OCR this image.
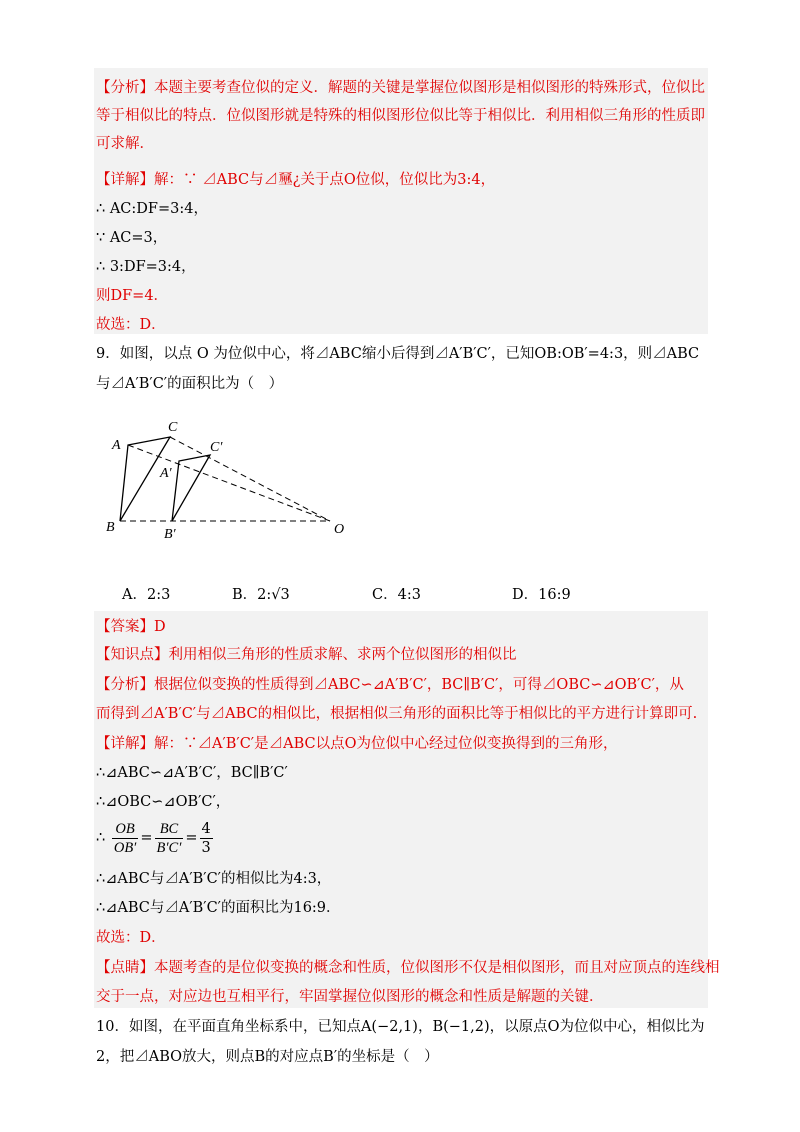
【分析】本题主要考查位似的定义．解题的关键是掌握位似图形是相似图形的特殊形式，位似比等于相似比的特点．位似图形就是特殊的相似图形位似比等于相似比．利用相似三角形的性质即可求解．
【详解】解：∵ ⊿ABC与⊿𡔈¿关于点O位似，位似比为3:4，
∴ AC:DF=3:4，
∵ AC=3，
∴ 3:DF=3:4，
则DF=4．
故选：D．
9．如图，以点 O 为位似中心，将⊿ABC缩小后得到⊿A′B′C′，已知OB:OB′=4:3，则⊿ABC
与⊿A′B′C′的面积比为（　）
A
C
B
A′
C′
B′	O
A．2:3	B．2:√3	C．4:3	D．16:9
【答案】D
【知识点】利用相似三角形的性质求解、求两个位似图形的相似比
【分析】根据位似变换的性质得到⊿ABC∽⊿A′B′C′，BC∥B′C′，可得⊿OBC∽⊿OB′C′，从
而得到⊿A′B′C′与⊿ABC的相似比，根据相似三角形的面积比等于相似比的平方进行计算即可.
【详解】解：∵⊿A′B′C′是⊿ABC以点O为位似中心经过位似变换得到的三角形，
∴⊿ABC∽⊿A′B′C′，BC∥B′C′
∴⊿OBC∽⊿OB′C′，
∴ $\frac{OB}{OB'} = \frac{BC}{B'C'} = \frac{4}{3}$
∴⊿ABC与⊿A′B′C′的相似比为4:3，
∴⊿ABC与⊿A′B′C′的面积比为16:9．
故选：D．
【点睛】本题考查的是位似变换的概念和性质，位似图形不仅是相似图形，而且对应顶点的连线相
交于一点，对应边也互相平行，牢固掌握位似图形的概念和性质是解题的关键．
10．如图，在平面直角坐标系中，已知点A(−2,1)，B(−1,2)，以原点O为位似中心，相似比为
2，把⊿ABO放大，则点B的对应点B′的坐标是（　）
